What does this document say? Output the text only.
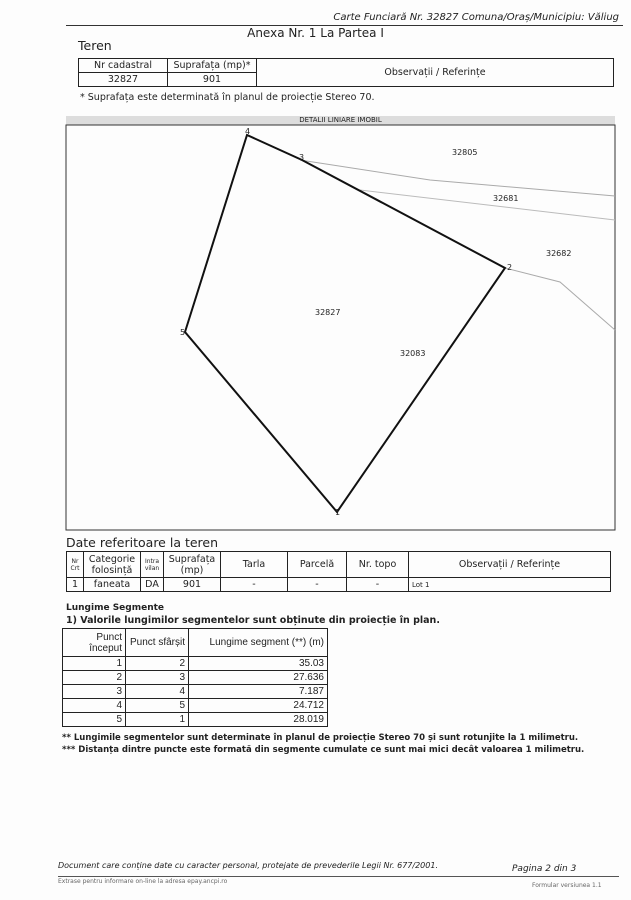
Carte Funciară Nr. 32827 Comuna/Oraș/Municipiu: Văliug
Anexa Nr. 1 La Partea I
Teren
Nr cadastral	Suprafața (mp)*	Observații / Referințe
32827	901	
* Suprafața este determinată în planul de proiecție Stereo 70.
DETALII LINIARE IMOBIL
1
2
3
4
5
32827
32805
32681
32682
32083
Date referitoare la teren
Nr Crt	Categorie folosință	Intra vilan	Suprafața (mp)	Tarla	Parcelă	Nr. topo	Observații / Referințe
1	faneata	DA	901	-	-	-	Lot 1
Lungime Segmente
1) Valorile lungimilor segmentelor sunt obținute din proiecție în plan.
Punct început	Punct sfârșit	Lungime segment (**) (m)
1	2	35.03
2	3	27.636
3	4	7.187
4	5	24.712
5	1	28.019
** Lungimile segmentelor sunt determinate în planul de proiecție Stereo 70 și sunt rotunjite la 1 milimetru.
*** Distanța dintre puncte este formată din segmente cumulate ce sunt mai mici decât valoarea 1 milimetru.
Document care conține date cu caracter personal, protejate de prevederile Legii Nr. 677/2001.	Pagina 2 din 3
Extrase pentru informare on-line la adresa epay.ancpi.ro
Formular versiunea 1.1
